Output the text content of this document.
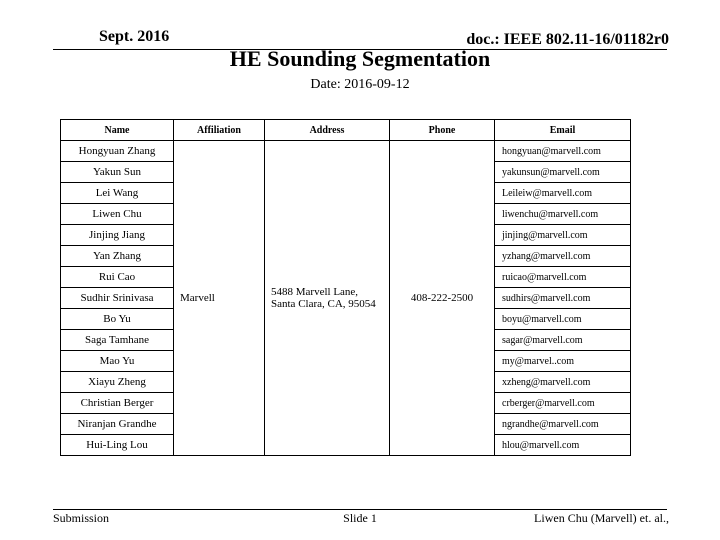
Sept. 2016	doc.: IEEE 802.11-16/01182r0
HE Sounding Segmentation
Date: 2016-09-12
Name	Affiliation	Address	Phone	Email
Hongyuan Zhang	Marvell	5488 Marvell Lane, Santa Clara, CA, 95054	408-222-2500	hongyuan@marvell.com
Yakun Sun				yakunsun@marvell.com
Lei Wang				Leileiw@marvell.com
Liwen Chu				liwenchu@marvell.com
Jinjing Jiang				jinjing@marvell.com
Yan Zhang				yzhang@marvell.com
Rui Cao				ruicao@marvell.com
Sudhir Srinivasa				sudhirs@marvell.com
Bo Yu				boyu@marvell.com
Saga Tamhane				sagar@marvell.com
Mao Yu				my@marvel..com
Xiayu Zheng				xzheng@marvell.com
Christian Berger				crberger@marvell.com
Niranjan Grandhe				ngrandhe@marvell.com
Hui-Ling Lou				hlou@marvell.com
Submission	Slide 1	Liwen Chu (Marvell) et. al.,
